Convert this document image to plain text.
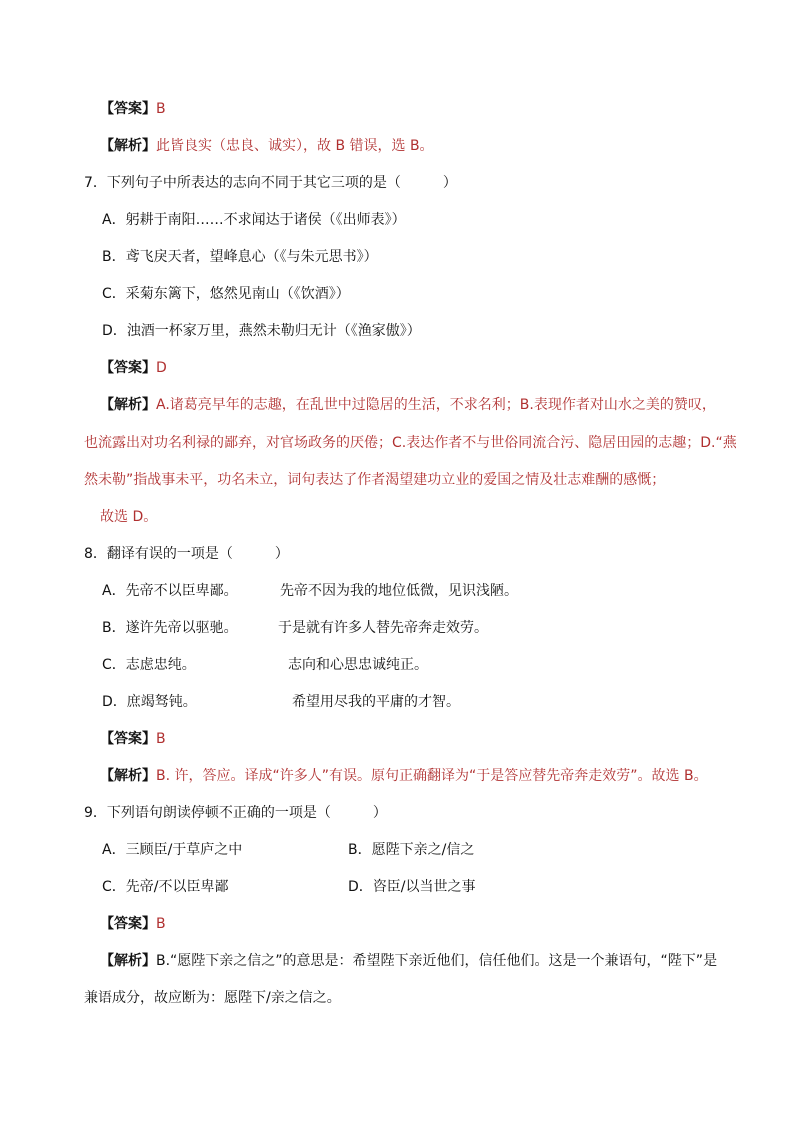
【答案】B
【解析】此皆良实（忠良、诚实），故 B 错误，选 B。
7．下列句子中所表达的志向不同于其它三项的是（　　　）
A．躬耕于南阳……不求闻达于诸侯（《出师表》）
B．鸢飞戾天者，望峰息心（《与朱元思书》）
C．采菊东篱下，悠然见南山（《饮酒》）
D．浊酒一杯家万里，燕然未勒归无计（《渔家傲》）
【答案】D
【解析】A.诸葛亮早年的志趣，在乱世中过隐居的生活，不求名利；B.表现作者对山水之美的赞叹，
也流露出对功名利禄的鄙弃，对官场政务的厌倦；C.表达作者不与世俗同流合污、隐居田园的志趣；D.“燕
然未勒”指战事未平，功名未立，词句表达了作者渴望建功立业的爱国之情及壮志难酬的感慨；
故选 D。
8．翻译有误的一项是（　　　）
A．先帝不以臣卑鄙。	先帝不因为我的地位低微，见识浅陋。
B．遂许先帝以驱驰。	于是就有许多人替先帝奔走效劳。
C．志虑忠纯。	志向和心思忠诚纯正。
D．庶竭驽钝。	希望用尽我的平庸的才智。
【答案】B
【解析】B. 许，答应。译成“许多人”有误。原句正确翻译为“于是答应替先帝奔走效劳”。故选 B。
9．下列语句朗读停顿不正确的一项是（　　　）
A．三顾臣/于草庐之中	B．愿陛下亲之/信之
C．先帝/不以臣卑鄙	D．咨臣/以当世之事
【答案】B
【解析】B.“愿陛下亲之信之”的意思是：希望陛下亲近他们，信任他们。这是一个兼语句，“陛下”是
兼语成分，故应断为：愿陛下/亲之信之。
